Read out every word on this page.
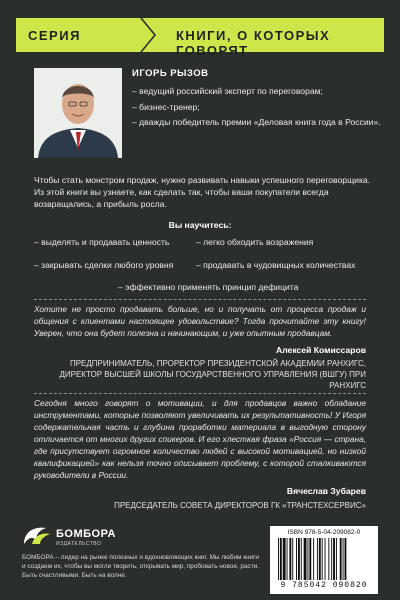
СЕРИЯ	КНИГИ, О КОТОРЫХ ГОВОРЯТ
ИГОРЬ РЫЗОВ
– ведущий российский эксперт по переговорам;
– бизнес-тренер;
– дважды победитель премии «Деловая книга года в России».
Чтобы стать монстром продаж, нужно развивать навыки успешного переговорщика. Из этой книги вы узнаете, как сделать так, чтобы ваши покупатели всегда возвращались, а прибыль росла.
Вы научитесь:
– выделять и продавать ценность	– легко обходить возражения
– закрывать сделки любого уровня	– продавать в чудовищных количествах
– эффективно применять принцип дефицита
Хотите не просто продавать больше, но и получать от процесса продаж и общения с клиентами настоящее удовольствие? Тогда прочитайте эту книгу! Уверен, что она будет полезна и начинающим, и уже опытным продавцам.
Алексей Комиссаров
ПРЕДПРИНИМАТЕЛЬ, ПРОРЕКТОР ПРЕЗИДЕНТСКОЙ АКАДЕМИИ РАНХИГС, ДИРЕКТОР ВЫСШЕЙ ШКОЛЫ ГОСУДАРСТВЕННОГО УПРАВЛЕНИЯ (ВШГУ) ПРИ РАНХИГС
Сегодня много говорят о мотивации, и для продавцов важно обладание инструментами, которые позволяют увеличивать их результативность! У Игоря содержательная часть и глубина проработки материала в выгодную сторону отличается от многих других спикеров. И его хлесткая фраза «Россия — страна, где присутствует огромное количество людей с высокой мотивацией, но низкой квалификацией» как нельзя точно описывает проблему, с которой сталкиваются руководители в России.
Вячеслав Зубарев
ПРЕДСЕДАТЕЛЬ СОВЕТА ДИРЕКТОРОВ ГК «ТРАНСТЕХСЕРВИС»
БОМБОРА
ИЗДАТЕЛЬСТВО
БОМБОРА – лидер на рынке полезных и вдохновляющих книг. Мы любим книги и создаем их, чтобы вы могли творить, открывать мир, пробовать новое, расти. Быть счастливыми. Быть на волне.
ISBN 978-5-04-209082-0
9 785042 090820
